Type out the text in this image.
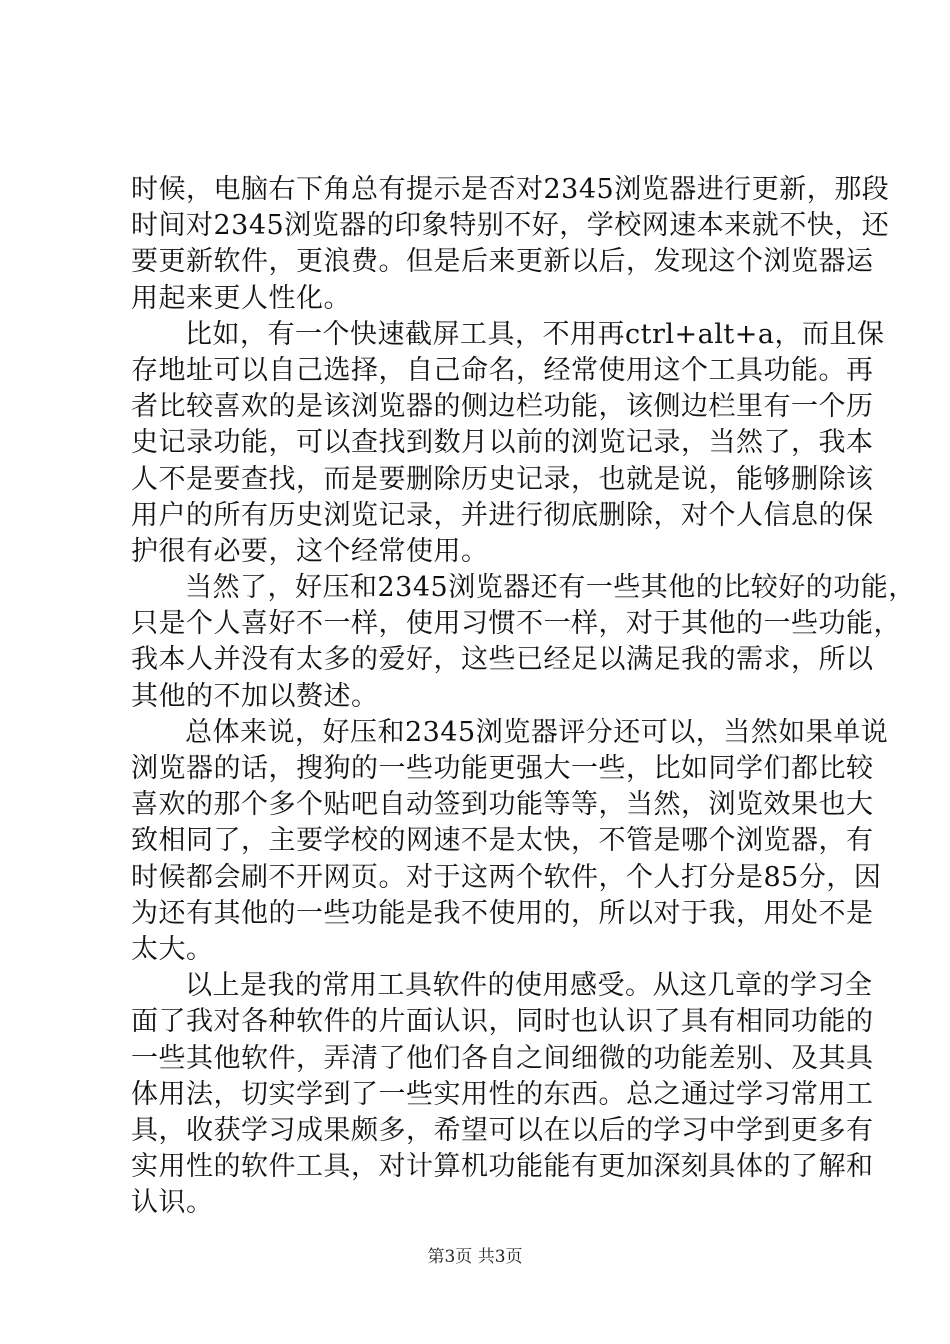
时候，电脑右下角总有提示是否对2345浏览器进行更新，那段
时间对2345浏览器的印象特别不好，学校网速本来就不快，还
要更新软件，更浪费。但是后来更新以后，发现这个浏览器运
用起来更人性化。
比如，有一个快速截屏工具，不用再ctrl+alt+a，而且保
存地址可以自己选择，自己命名，经常使用这个工具功能。再
者比较喜欢的是该浏览器的侧边栏功能，该侧边栏里有一个历
史记录功能，可以查找到数月以前的浏览记录，当然了，我本
人不是要查找，而是要删除历史记录，也就是说，能够删除该
用户的所有历史浏览记录，并进行彻底删除，对个人信息的保
护很有必要，这个经常使用。
当然了，好压和2345浏览器还有一些其他的比较好的功能，
只是个人喜好不一样，使用习惯不一样，对于其他的一些功能，
我本人并没有太多的爱好，这些已经足以满足我的需求，所以
其他的不加以赘述。
总体来说，好压和2345浏览器评分还可以，当然如果单说
浏览器的话，搜狗的一些功能更强大一些，比如同学们都比较
喜欢的那个多个贴吧自动签到功能等等，当然，浏览效果也大
致相同了，主要学校的网速不是太快，不管是哪个浏览器，有
时候都会刷不开网页。对于这两个软件，个人打分是85分，因
为还有其他的一些功能是我不使用的，所以对于我，用处不是
太大。
以上是我的常用工具软件的使用感受。从这几章的学习全
面了我对各种软件的片面认识，同时也认识了具有相同功能的
一些其他软件，弄清了他们各自之间细微的功能差别、及其具
体用法，切实学到了一些实用性的东西。总之通过学习常用工
具，收获学习成果颇多，希望可以在以后的学习中学到更多有
实用性的软件工具，对计算机功能能有更加深刻具体的了解和
认识。
第3页 共3页
